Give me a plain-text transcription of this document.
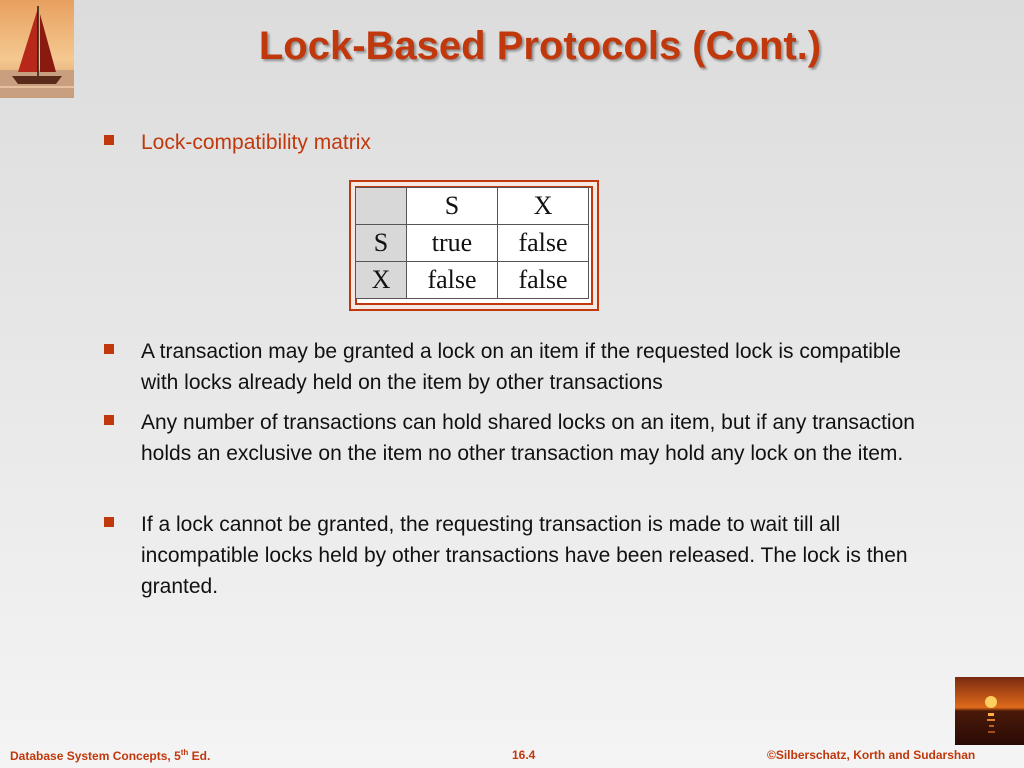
Lock-Based Protocols (Cont.)
Lock-compatibility matrix
	S	X
S	true	false
X	false	false
A transaction may be granted a lock on an item if the requested lock is compatible with locks already held on the item by other transactions
Any number of transactions can hold shared locks on an item, but if any transaction holds an exclusive on the item no other transaction may hold any lock on the item.
If a lock cannot be granted, the requesting transaction is made to wait till all incompatible locks held by other transactions have been released. The lock is then granted.
Database System Concepts, 5th Ed.	16.4	©Silberschatz, Korth and Sudarshan
